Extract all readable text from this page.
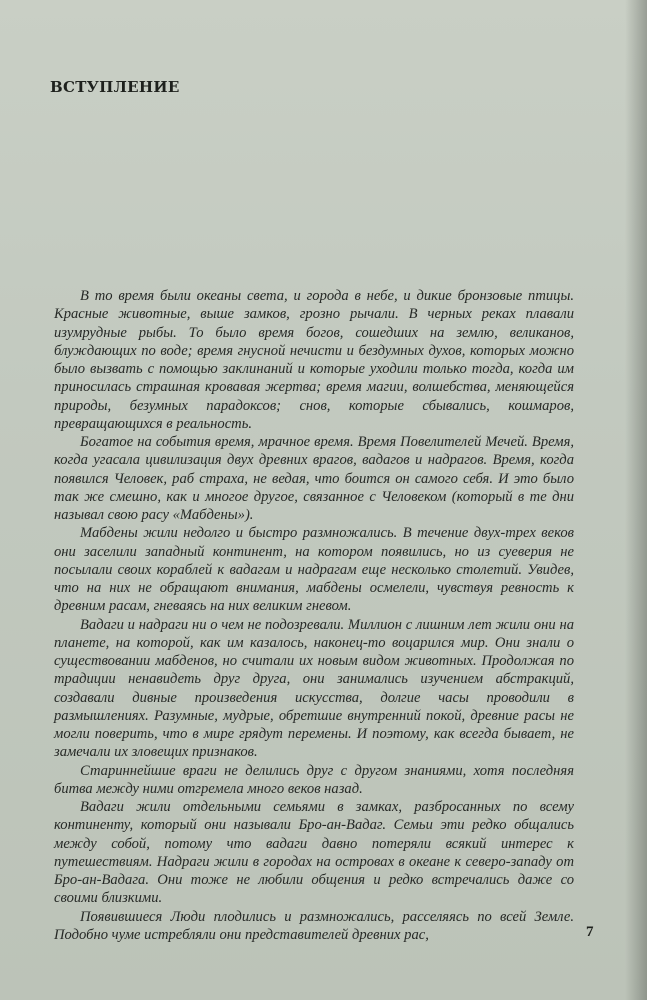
ВСТУПЛЕНИЕ

В то время были океаны света, и города в небе, и дикие бронзовые птицы. Красные животные, выше замков, грозно рычали. В черных реках плавали изумрудные рыбы. То было время богов, сошедших на землю, великанов, блуждающих по воде; время гнусной нечисти и бездумных духов, которых можно было вызвать с помощью заклинаний и которые уходили только тогда, когда им приносилась страшная кровавая жертва; время магии, волшебства, меняющейся природы, безумных парадоксов; снов, которые сбывались, кошмаров, превращающихся в реальность.

Богатое на события время, мрачное время. Время Повелителей Мечей. Время, когда угасала цивилизация двух древних врагов, вадагов и надрагов. Время, когда появился Человек, раб страха, не ведая, что боится он самого себя. И это было так же смешно, как и многое другое, связанное с Человеком (который в те дни называл свою расу «Мабдены»).

Мабдены жили недолго и быстро размножались. В течение двух-трех веков они заселили западный континент, на котором появились, но из суеверия не посылали своих кораблей к вадагам и надрагам еще несколько столетий. Увидев, что на них не обращают внимания, мабдены осмелели, чувствуя ревность к древним расам, гневаясь на них великим гневом.

Вадаги и надраги ни о чем не подозревали. Миллион с лишним лет жили они на планете, на которой, как им казалось, наконец-то воцарился мир. Они знали о существовании мабденов, но считали их новым видом животных. Продолжая по традиции ненавидеть друг друга, они занимались изучением абстракций, создавали дивные произведения искусства, долгие часы проводили в размышлениях. Разумные, мудрые, обретшие внутренний покой, древние расы не могли поверить, что в мире грядут перемены. И поэтому, как всегда бывает, не замечали их зловещих признаков.

Стариннейшие враги не делились друг с другом знаниями, хотя последняя битва между ними отгремела много веков назад.

Вадаги жили отдельными семьями в замках, разбросанных по всему континенту, который они называли Бро-ан-Вадаг. Семьи эти редко общались между собой, потому что вадаги давно потеряли всякий интерес к путешествиям. Надраги жили в городах на островах в океане к северо-западу от Бро-ан-Вадага. Они тоже не любили общения и редко встречались даже со своими близкими.

Появившиеся Люди плодились и размножались, расселяясь по всей Земле. Подобно чуме истребляли они представителей древних рас,	7
